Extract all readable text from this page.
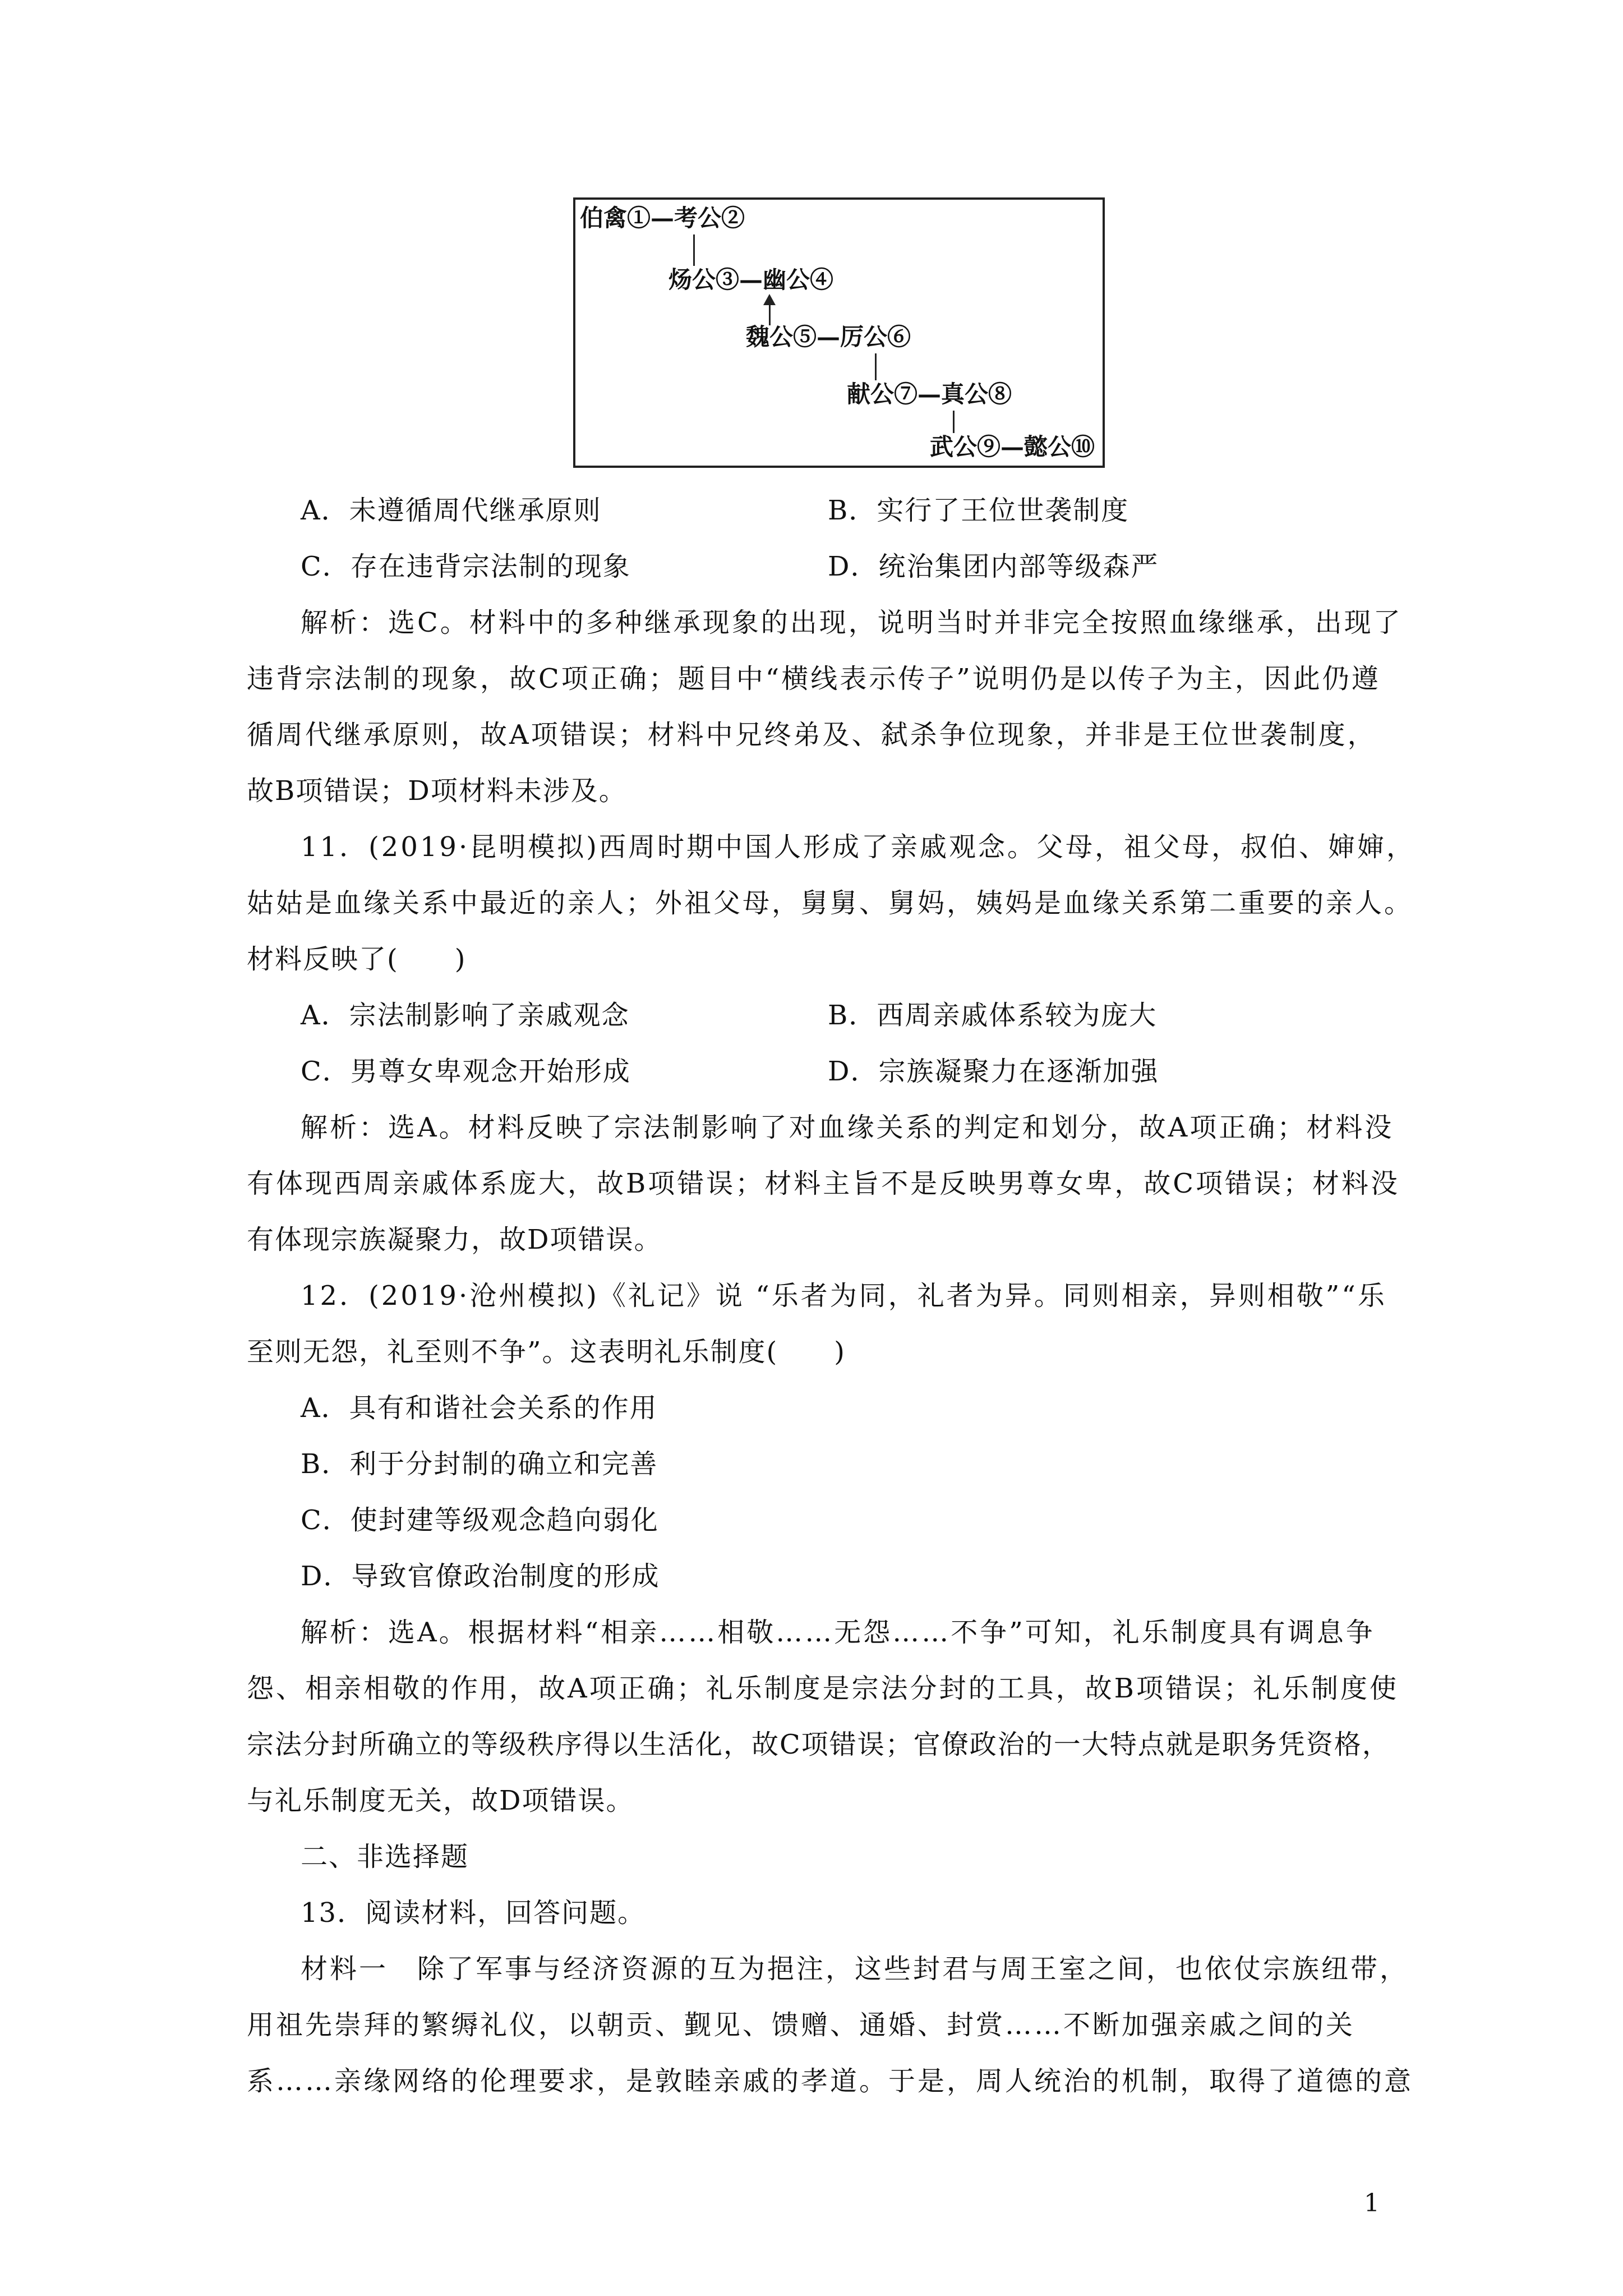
伯禽①—考公②
炀公③—幽公④
魏公⑤—厉公⑥
献公⑦—真公⑧
武公⑨—懿公⑩
A．未遵循周代继承原则	B．实行了王位世袭制度
C．存在违背宗法制的现象	D．统治集团内部等级森严
解析：选C。材料中的多种继承现象的出现，说明当时并非完全按照血缘继承，出现了
违背宗法制的现象，故C项正确；题目中“横线表示传子”说明仍是以传子为主，因此仍遵
循周代继承原则，故A项错误；材料中兄终弟及、弑杀争位现象，并非是王位世袭制度，
故B项错误；D项材料未涉及。
11．(2019·昆明模拟)西周时期中国人形成了亲戚观念。父母，祖父母，叔伯、婶婶，
姑姑是血缘关系中最近的亲人；外祖父母，舅舅、舅妈，姨妈是血缘关系第二重要的亲人。
材料反映了(　　)
A．宗法制影响了亲戚观念	B．西周亲戚体系较为庞大
C．男尊女卑观念开始形成	D．宗族凝聚力在逐渐加强
解析：选A。材料反映了宗法制影响了对血缘关系的判定和划分，故A项正确；材料没
有体现西周亲戚体系庞大，故B项错误；材料主旨不是反映男尊女卑，故C项错误；材料没
有体现宗族凝聚力，故D项错误。
12．(2019·沧州模拟)《礼记》说 “乐者为同，礼者为异。同则相亲，异则相敬”“乐
至则无怨，礼至则不争”。这表明礼乐制度(　　)
A．具有和谐社会关系的作用
B．利于分封制的确立和完善
C．使封建等级观念趋向弱化
D．导致官僚政治制度的形成
解析：选A。根据材料“相亲……相敬……无怨……不争”可知，礼乐制度具有调息争
怨、相亲相敬的作用，故A项正确；礼乐制度是宗法分封的工具，故B项错误；礼乐制度使
宗法分封所确立的等级秩序得以生活化，故C项错误；官僚政治的一大特点就是职务凭资格，
与礼乐制度无关，故D项错误。
二、非选择题
13．阅读材料，回答问题。
材料一　除了军事与经济资源的互为挹注，这些封君与周王室之间，也依仗宗族纽带，
用祖先崇拜的繁缛礼仪，以朝贡、觐见、馈赠、通婚、封赏……不断加强亲戚之间的关
系……亲缘网络的伦理要求，是敦睦亲戚的孝道。于是，周人统治的机制，取得了道德的意
1
